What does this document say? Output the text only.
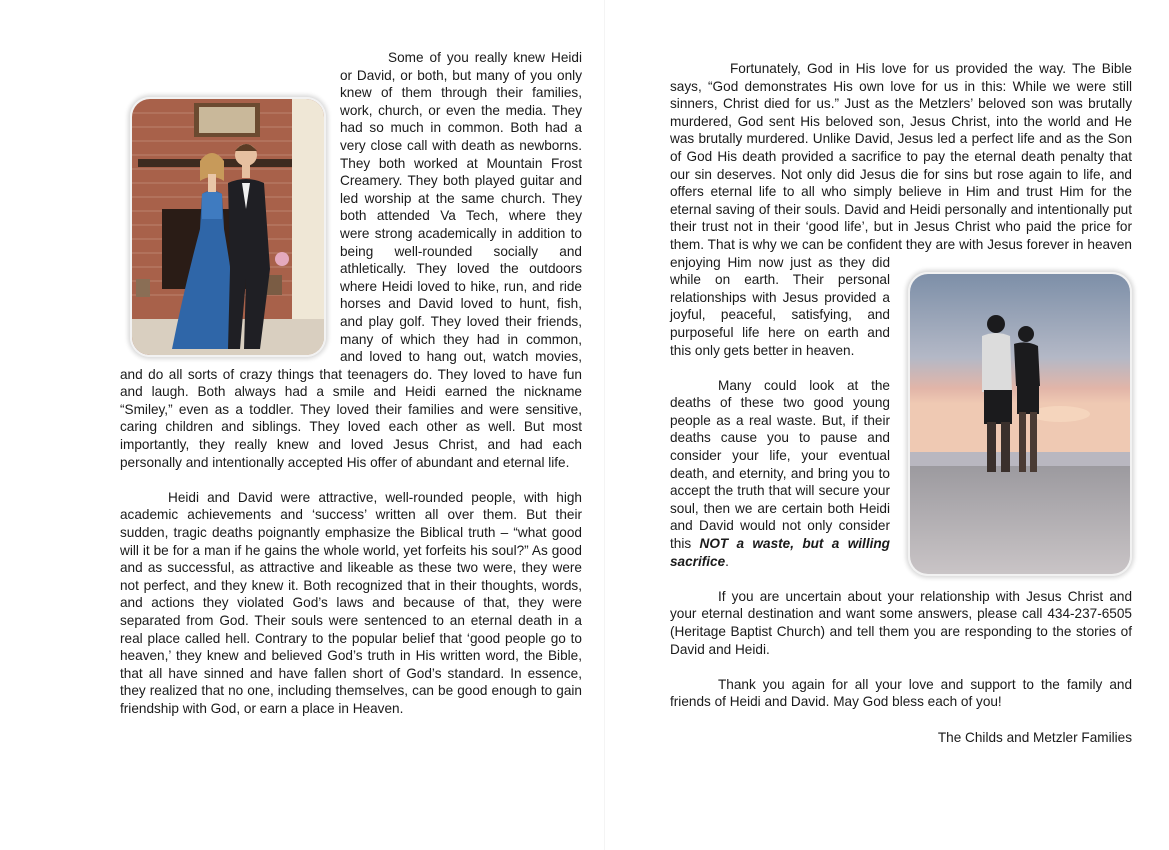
Some of you really knew Heidi or David, or both, but many of you only knew of them through their families, work, church, or even the media. They had so much in common. Both had a very close call with death as newborns. They both worked at Mountain Frost Creamery. They both played guitar and led worship at the same church. They both attended Va Tech, where they were strong academically in addition to being well-rounded socially and athletically. They loved the outdoors where Heidi loved to hike, run, and ride horses and David loved to hunt, fish, and play golf. They loved their friends, many of which they had in common, and loved to hang out, watch movies, and do all sorts of crazy things that teenagers do. They loved to have fun and laugh. Both always had a smile and Heidi earned the nickname “Smiley,” even as a toddler. They loved their families and were sensitive, caring children and siblings. They loved each other as well. But most importantly, they really knew and loved Jesus Christ, and had each personally and intentionally accepted His offer of abundant and eternal life.

Heidi and David were attractive, well-rounded people, with high academic achievements and ‘success’ written all over them. But their sudden, tragic deaths poignantly emphasize the Biblical truth – “what good will it be for a man if he gains the whole world, yet forfeits his soul?” As good and as successful, as attractive and likeable as these two were, they were not perfect, and they knew it. Both recognized that in their thoughts, words, and actions they violated God’s laws and because of that, they were separated from God. Their souls were sentenced to an eternal death in a real place called hell. Contrary to the popular belief that ‘good people go to heaven,’ they knew and believed God’s truth in His written word, the Bible, that all have sinned and have fallen short of God’s standard. In essence, they realized that no one, including themselves, can be good enough to gain friendship with God, or earn a place in Heaven.

Fortunately, God in His love for us provided the way. The Bible says, “God demonstrates His own love for us in this: While we were still sinners, Christ died for us.” Just as the Metzlers’ beloved son was brutally murdered, God sent His beloved son, Jesus Christ, into the world and He was brutally murdered. Unlike David, Jesus led a perfect life and as the Son of God His death provided a sacrifice to pay the eternal death penalty that our sin deserves. Not only did Jesus die for sins but rose again to life, and offers eternal life to all who simply believe in Him and trust Him for the eternal saving of their souls. David and Heidi personally and intentionally put their trust not in their ‘good life’, but in Jesus Christ who paid the price for them. That is why we can be confident they are with Jesus forever in heaven enjoying
Him now just as they did while on earth. Their personal relationships with Jesus provided a joyful, peaceful, satisfying, and purposeful life here on earth and this only gets better in heaven.

Many could look at the deaths of these two good young people as a real waste. But, if their deaths cause you to pause and consider your life, your eventual death, and eternity, and bring you to accept the truth that will secure your soul, then we are certain both Heidi and David would not only consider this NOT a waste, but a willing sacrifice.

If you are uncertain about your relationship with Jesus Christ and your eternal destination and want some answers, please call 434-237-6505 (Heritage Baptist Church) and tell them you are responding to the stories of David and Heidi.

Thank you again for all your love and support to the family and friends of Heidi and David. May God bless each of you!

The Childs and Metzler Families
